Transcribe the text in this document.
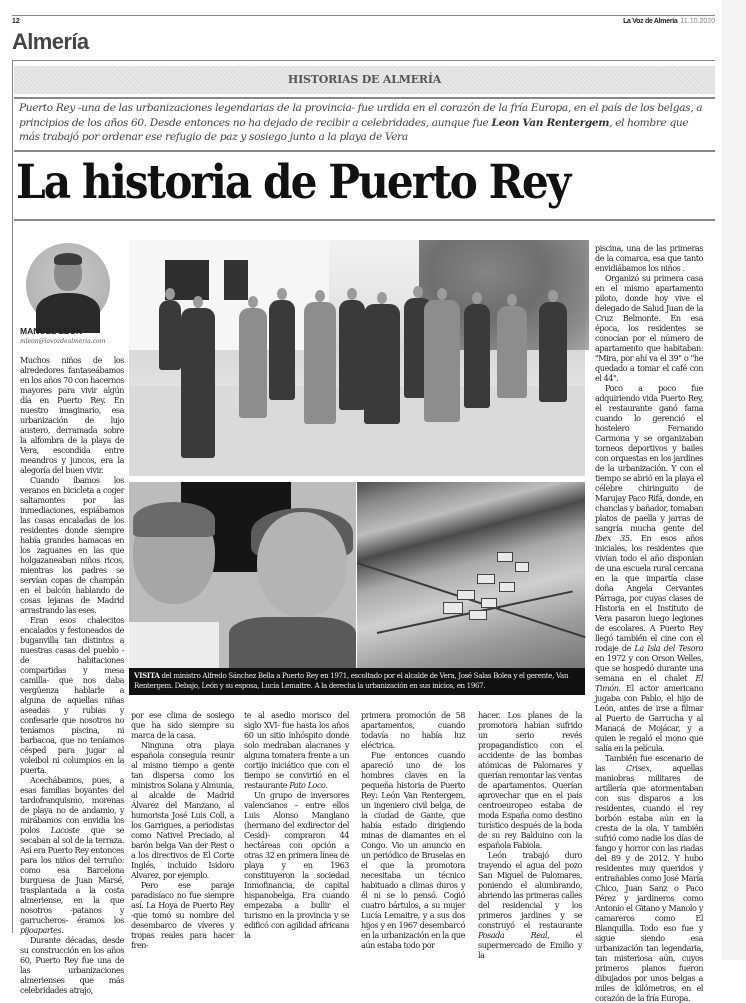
12	La Voz de Almería 11.10.2020
Almería
HISTORIAS DE ALMERÍA
Puerto Rey -una de las urbanizaciones legendarias de la provincia- fue urdida en el corazón de la fría Europa, en el país de los belgas, a principios de los años 60. Desde entonces no ha dejado de recibir a celebridades, aunque fue Leon Van Rentergem, el hombre que más trabajó por ordenar ese refugio de paz y sosiego junto a la playa de Vera
La historia de Puerto Rey
MANUEL LEÓN
mleon@lavozdealmeria.com

Muchos niños de los alrededores fantaseábamos en los años 70 con hacernos mayores para vivir algún día en Puerto Rey. En nuestro imaginario, esa urbanización de lujo austero, derramada sobre la alfombra de la playa de Vera, escondida entre meandros y juncos, era la alegoría del buen vivir.

Cuando íbamos los veranos en bicicleta a coger saltamontes por las inmediaciones, espiábamos las casas encaladas de los residentes donde siempre había grandes hamacas en los zaguanes en las que holgazaneaban niños ricos, mientras los padres se servían copas de champán en el balcón hablando de cosas lejanas de Madrid arrastrando las eses.

Eran esos chalecitos encalados y festoneados de buganvilla tan distintos a nuestras casas del pueblo -de habitaciones compartidas y mesa camilla- que nos daba vergüenza hablarle a alguna de aquellas niñas aseadas y rubias y confesarle que nosotros no teníamos piscina, ni barbacoa, que no teníamos césped para jugar al voleibol ni columpios en la puerta.

Acechábamos, pues, a esas familias boyantes del tardofranquismo, morenas de playa no de andamio, y mirábamos con envidia los polos Lacoste que se secaban al sol de la terraza. Así era Puerto Rey entonces para los niños del terruño: como esa Barcelona burguesa de Juan Marsé, trasplantada a la costa almeriense, en la que nosotros -patanos y garrucheros- éramos los pijoapartes.

Durante décadas, desde su construcción en los años 60, Puerto Rey fue una de las urbanizaciones almerienses que más celebridades atrajo,

VISITA del ministro Alfredo Sánchez Bella a Puerto Rey en 1971, escoltado por el alcalde de Vera, José Salas Bolea y el gerente, Van Rentergem. Debajo, León y su esposa, Lucía Lemaitre. A la derecha la urbanización en sus inicios, en 1967.

por ese clima de sosiego que ha sido siempre su marca de la casa.

Ninguna otra playa española conseguía reunir al mismo tiempo a gente tan dispersa como los ministros Solana y Almunia, al alcalde de Madrid Álvarez del Manzano, al humorista José Luis Coll, a los Garrigues, a periodistas como Nativel Preciado, al barón belga Van der Rest o a los directivos de El Corte Inglés, incluido Isidoro Alvarez, por ejemplo.

Pero ese paraje paradisíaco no fue siempre así. La Hoya de Puerto Rey -que tomó su nombre del desembarco de víveres y tropas reales para hacer fren-

te al asedio morisco del siglo XVI- fue hasta los años 60 un sitio inhóspito donde solo medraban alacranes y alguna tomatera frente a un cortijo iniciático que con el tiempo se convirtió en el restaurante Pato Loco.

Un grupo de inversores valencianos – entre ellos Luis Alonso Manglano (hermano del exdirector del Cesid)- compraron 44 hectáreas con opción a otras 32 en primera línea de playa y en 1963 constituyeron la sociedad Inmofinancia, de capital hispanobelga. Era cuando empezaba a bullir el turismo en la provincia y se edificó con agilidad africana la

primera promoción de 58 apartamentos, cuando todavía no había luz eléctrica.

Fue entonces cuando apareció uno de los hombres claves en la pequeña historia de Puerto Rey: León Van Rentergem, un ingeniero civil belga, de la ciudad de Gante, que había estado dirigiendo minas de diamantes en el Congo. Vio un anuncio en un periódico de Bruselas en el que la promotora necesitaba un técnico habituado a climas duros y él ni se lo pensó. Cogió cuatro bártulos, a su mujer Lucía Lemaitre, y a sus dos hijos y en 1967 desembarcó en la urbanización en la que aún estaba todo por

hacer. Los planes de la promotora habían sufrido un serio revés propagandístico con el accidente de las bombas atómicas de Palomares y querían remontar las ventas de apartamentos. Querían aprovechar que en el país centroeuropeo estaba de moda España como destino turístico después de la boda de su rey Balduino con la española Fabiola.

León trabajó duro trayendo el agua del pozo San Miguel de Palomares, poniendo el alumbrando, abriendo las primeras calles del residencial y los primeros jardines y se construyó el restaurante Posada Real, el supermercado de Emilio y la

piscina, una de las primeras de la comarca, esa que tanto envidiábamos los niños .

Organizó su primera casa en el mismo apartamento piloto, donde hoy vive el delegado de Salud Juan de la Cruz Belmonte. En esa época, los residentes se conocían por el número de apartamento que habitaban: "Mira, por ahí va el 39" o "he quedado a tomar el café con el 44".

Poco a poco fue adquiriendo vida Puerto Rey, el restaurante ganó fama cuando lo gerenció el hostelero Fernando Carmona y se organizaban torneos deportivos y bailes con orquestas en los jardines de la urbanización. Y con el tiempo se abrió en la playa el célebre chiringuito de Marujay Paco Rifá, donde, en chanclas y bañador, tomaban platos de paella y jarras de sangría mucha gente del Ibex 35. En esos años iniciales, los residentes que vivían todo el año disponían de una escuela rural cercana en la que impartía clase doña Angela Cervantes Párraga, por cuyas clases de Historia en el Instituto de Vera pasaron luego legiones de escolares. A Puerto Rey llegó también el cine con el rodaje de La Isla del Tesoro en 1972 y con Orson Welles, que se hospedó durante una semana en el chalet El Timón. El actor americano jugaba con Pablo, el hijo de León, antes de irse a filmar al Puerto de Garrucha y al Manacá de Mojácar, y a quien le regaló el mono que salía en la película.

También fue escenario de las Crisex, aquellas maniobras militares de artillería que atormentaban con sus disparos a los residentes, cuando el rey borbón estaba aún en la cresta de la ola. Y también sufrió como nadie los días de fango y horror con las riadas del 89 y de 2012. Y hubo residentes muy queridos y entrañables como José María Chico, Juan Sanz o Paco Pérez y jardineros como Antonio el Gitano y Manolo y camareros como El Blanquilla. Todo eso fue y sigue siendo esa urbanización tan legendaria, tan misteriosa aún, cuyos primeros planos fueron dibujados por unos belgas a miles de kilómetros, en el corazón de la fría Europa.
